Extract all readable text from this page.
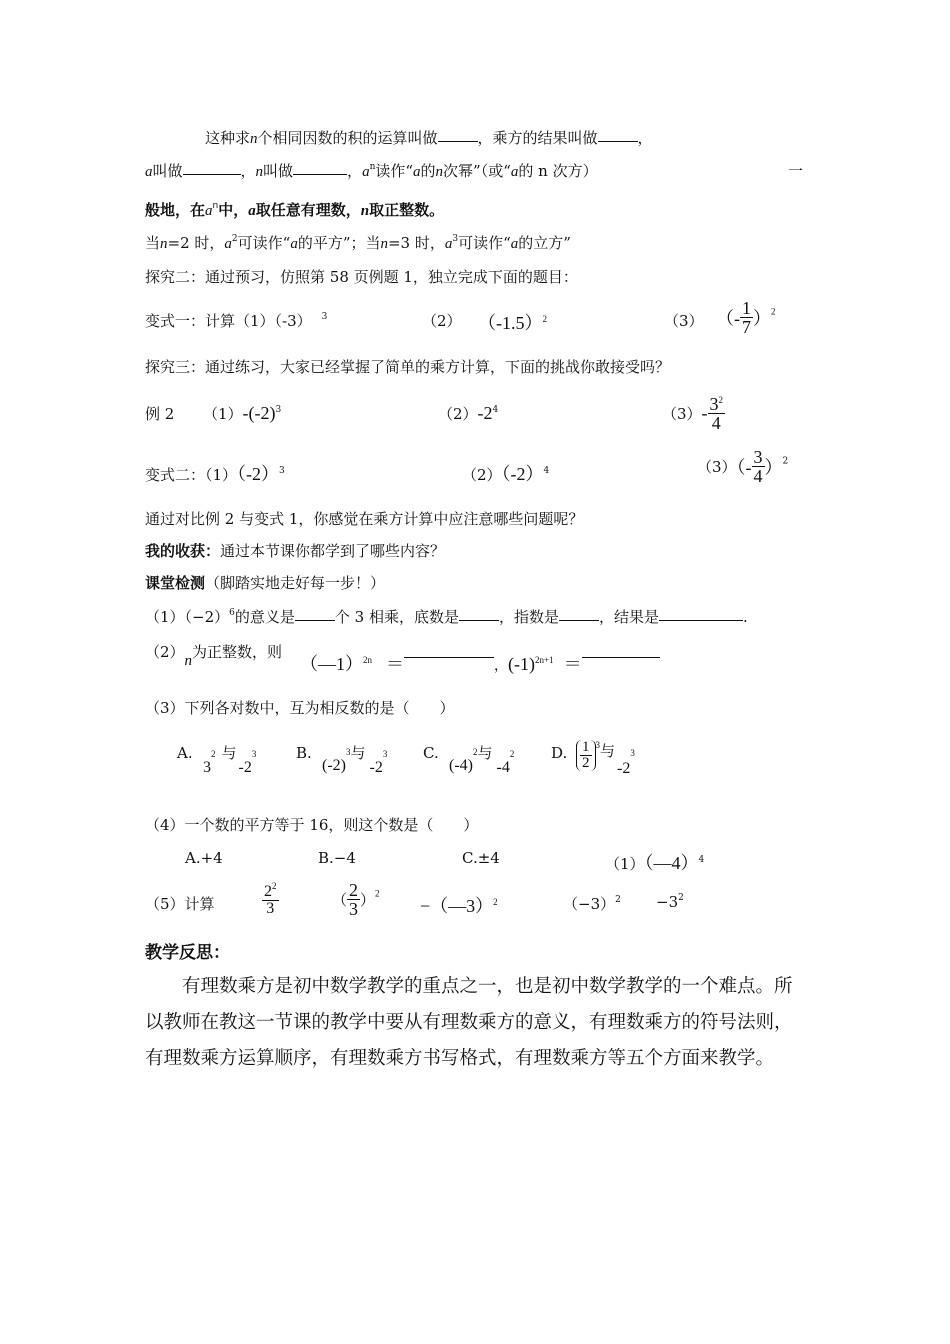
这种求n个相同因数的积的运算叫做	，乘方的结果叫做	，
a叫做	，n叫做	，$a^n$读作“a的n次幂”（或“a的 n 次方）	一
般地，在$a^n$中，a取任意有理数，n取正整数。
当n=2 时，$a^2$可读作“a的平方”；当n=3 时，$a^3$可读作“a的立方”
探究二：通过预习，仿照第 58 页例题 1，独立完成下面的题目：
变式一：计算（1）（-3） $^3$	（2） $(-1.5)^2$	（3） （- $\frac{1}{7} )^2$
探究三：通过练习，大家已经掌握了简单的乘方计算，下面的挑战你敢接受吗？
例 2 $(1)-(-2)^3$	$(2)-2^4$	$(3)- \frac{3^2}{4}$
变式二：$(1)(-2)^3$	$(2)(-2)^4$	$(3)(- \frac{3}{4} )^2$
通过对比例 2 与变式 1，你感觉在乘方计算中应注意哪些问题呢？
我的收获：通过本节课你都学到了哪些内容？
课堂检测（脚踏实地走好每一步！）
$(1)(-2)^6$的意义是	个 3 相乘，底数是	，指数是	，结果是	.
（2）n为正整数，则
（—1）$^{2n}$ ＝	，$(-1)^{2n+1}$ ＝
（3）下列各对数中，互为相反数的是（　　）
A.
$3^2$ 与$-2^3$	B.
$(-2)^3$与$-2^3$ C.
$(-4)^2$与$-4^2$ D. $\frac{1}{2} ^3$与$-2^3$
（4）一个数的平方等于 16，则这个数是（　　）
A.+4	B.−4	C.±4	（1）（—4）$^4$
（5）计算	$\frac{2^2}{3}$	（ $\frac{2}{3} )^2$
−（—3）$^2$	$(-3)^2 -3^2$
教学反思：
有理数乘方是初中数学教学的重点之一，也是初中数学教学的一个难点。所
以教师在教这一节课的教学中要从有理数乘方的意义，有理数乘方的符号法则，
有理数乘方运算顺序，有理数乘方书写格式，有理数乘方等五个方面来教学。
